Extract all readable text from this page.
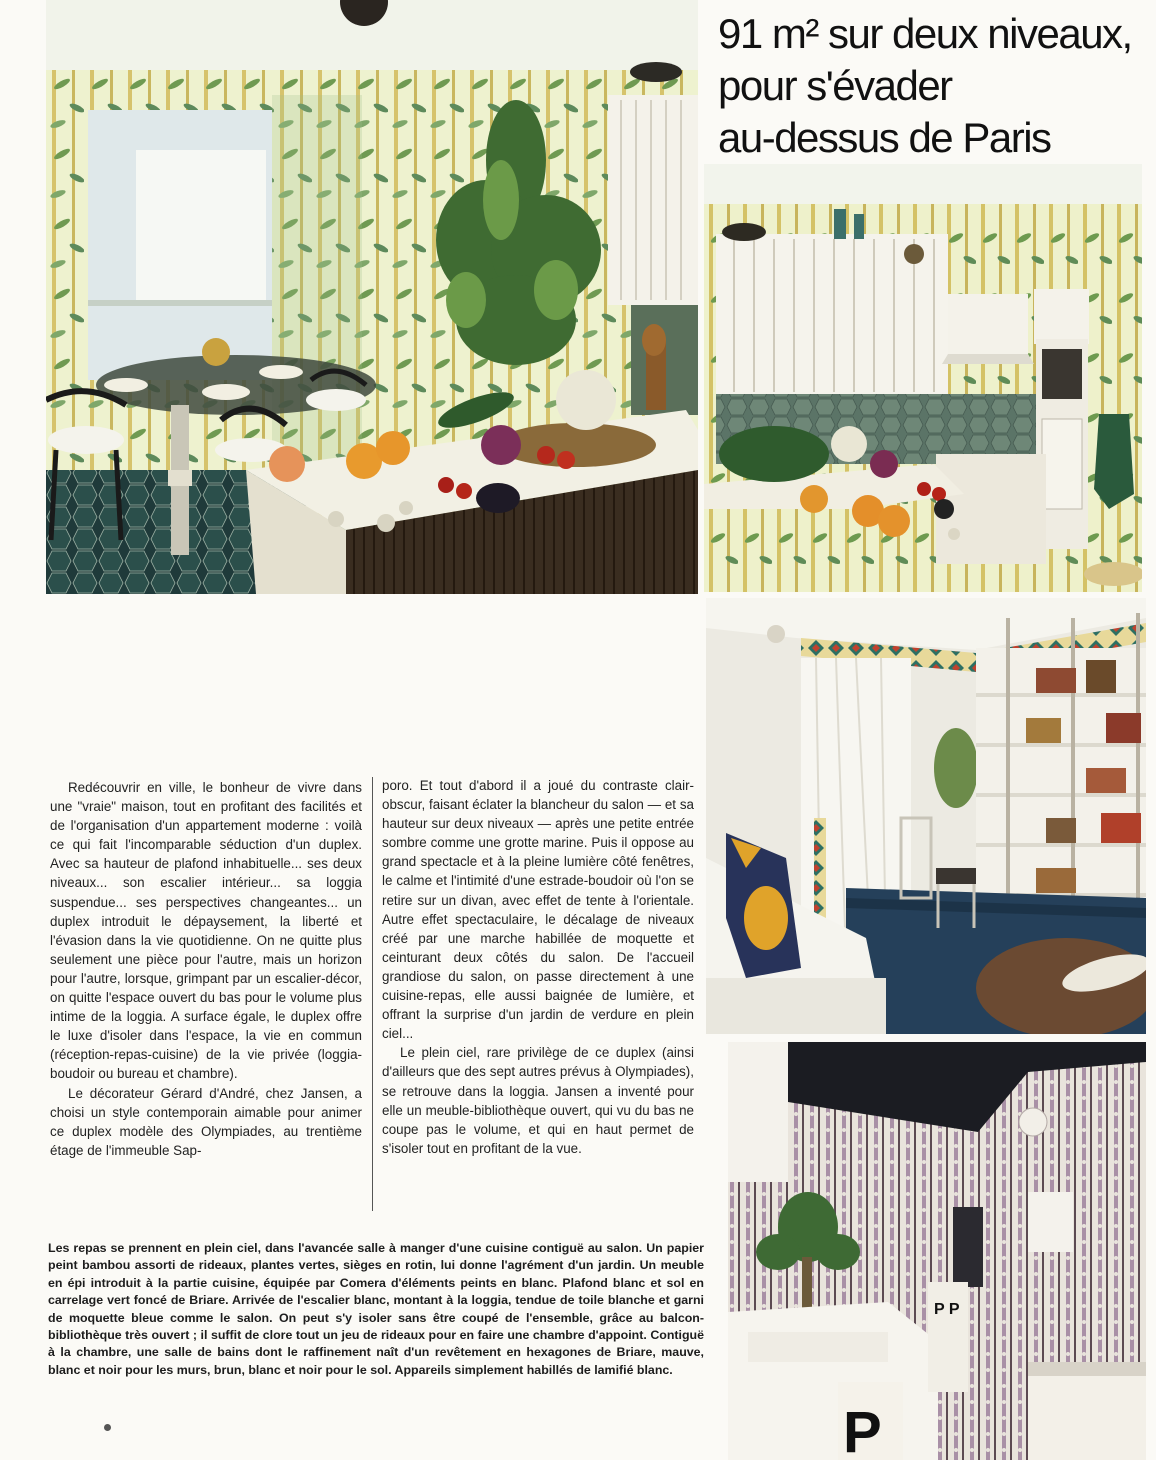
91 m² sur deux niveaux,
pour s'évader
au-dessus de Paris
P P
P

Redécouvrir en ville, le bonheur de vivre dans une "vraie" maison, tout en profitant des facilités et de l'organisation d'un appartement moderne : voilà ce qui fait l'incomparable séduction d'un duplex. Avec sa hauteur de plafond inhabituelle... ses deux niveaux... son escalier intérieur... sa loggia suspendue... ses perspectives changeantes... un duplex introduit le dépaysement, la liberté et l'évasion dans la vie quotidienne. On ne quitte plus seulement une pièce pour l'autre, mais un horizon pour l'autre, lorsque, grimpant par un escalier-décor, on quitte l'espace ouvert du bas pour le volume plus intime de la loggia. A surface égale, le duplex offre le luxe d'isoler dans l'espace, la vie en commun (réception-repas-cuisine) de la vie privée (loggia-boudoir ou bureau et chambre).

Le décorateur Gérard d'André, chez Jansen, a choisi un style contemporain aimable pour animer ce duplex modèle des Olympiades, au trentième étage de l'immeuble Sap-

poro. Et tout d'abord il a joué du contraste clair-obscur, faisant éclater la blancheur du salon — et sa hauteur sur deux niveaux — après une petite entrée sombre comme une grotte marine. Puis il oppose au grand spectacle et à la pleine lumière côté fenêtres, le calme et l'intimité d'une estrade-boudoir où l'on se retire sur un divan, avec effet de tente à l'orientale. Autre effet spectaculaire, le décalage de niveaux créé par une marche habillée de moquette et ceinturant deux côtés du salon. De l'accueil grandiose du salon, on passe directement à une cuisine-repas, elle aussi baignée de lumière, et offrant la surprise d'un jardin de verdure en plein ciel...

Le plein ciel, rare privilège de ce duplex (ainsi d'ailleurs que des sept autres prévus à Olympiades), se retrouve dans la loggia. Jansen a inventé pour elle un meuble-bibliothèque ouvert, qui vu du bas ne coupe pas le volume, et qui en haut permet de s'isoler tout en profitant de la vue.

Les repas se prennent en plein ciel, dans l'avancée salle à manger d'une cuisine contiguë au salon. Un papier peint bambou assorti de rideaux, plantes vertes, sièges en rotin, lui donne l'agrément d'un jardin. Un meuble en épi introduit à la partie cuisine, équipée par Comera d'éléments peints en blanc. Plafond blanc et sol en carrelage vert foncé de Briare. Arrivée de l'escalier blanc, montant à la loggia, tendue de toile blanche et garni de moquette bleue comme le salon. On peut s'y isoler sans être coupé de l'ensemble, grâce au balcon-bibliothèque très ouvert ; il suffit de clore tout un jeu de rideaux pour en faire une chambre d'appoint. Contiguë à la chambre, une salle de bains dont le raffinement naît d'un revêtement en hexagones de Briare, mauve, blanc et noir pour les murs, brun, blanc et noir pour le sol. Appareils simplement habillés de lamifié blanc.
